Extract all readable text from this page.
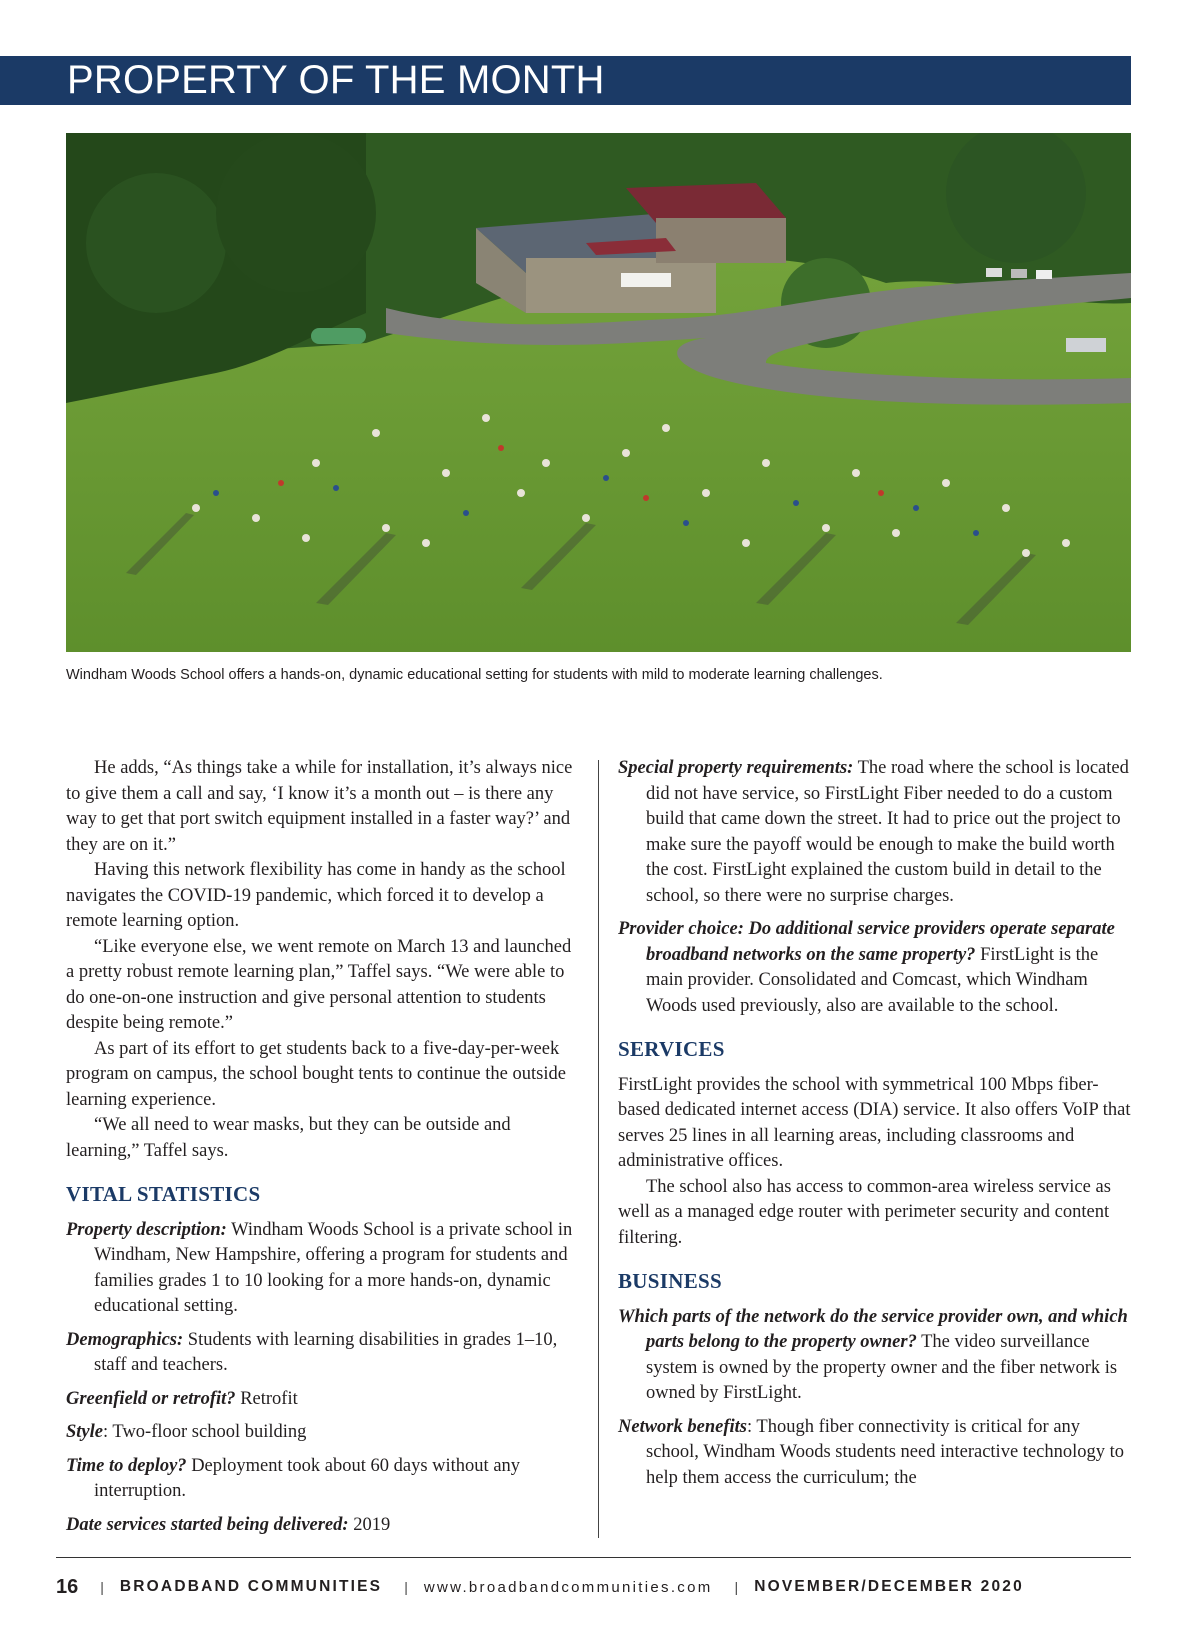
PROPERTY OF THE MONTH
Windham Woods School offers a hands-on, dynamic educational setting for students with mild to moderate learning challenges.

He adds, “As things take a while for installation, it’s always nice to give them a call and say, ‘I know it’s a month out – is there any way to get that port switch equipment installed in a faster way?’ and they are on it.”

Having this network flexibility has come in handy as the school navigates the COVID-19 pandemic, which forced it to develop a remote learning option.

“Like everyone else, we went remote on March 13 and launched a pretty robust remote learning plan,” Taffel says. “We were able to do one-on-one instruction and give personal attention to students despite being remote.”

As part of its effort to get students back to a five-day-per-week program on campus, the school bought tents to continue the outside learning experience.

“We all need to wear masks, but they can be outside and learning,” Taffel says.

VITAL STATISTICS

Property description: Windham Woods School is a private school in Windham, New Hampshire, offering a program for students and families grades 1 to 10 looking for a more hands-on, dynamic educational setting.

Demographics: Students with learning disabilities in grades 1–10, staff and teachers.

Greenfield or retrofit? Retrofit

Style: Two-floor school building

Time to deploy? Deployment took about 60 days without any interruption.

Date services started being delivered: 2019

Special property requirements: The road where the school is located did not have service, so FirstLight Fiber needed to do a custom build that came down the street. It had to price out the project to make sure the payoff would be enough to make the build worth the cost. FirstLight explained the custom build in detail to the school, so there were no surprise charges.

Provider choice: Do additional service providers operate separate broadband networks on the same property? FirstLight is the main provider. Consolidated and Comcast, which Windham Woods used previously, also are available to the school.

SERVICES

FirstLight provides the school with symmetrical 100 Mbps fiber-based dedicated internet access (DIA) service. It also offers VoIP that serves 25 lines in all learning areas, including classrooms and administrative offices.

The school also has access to common-area wireless service as well as a managed edge router with perimeter security and content filtering.

BUSINESS

Which parts of the network do the service provider own, and which parts belong to the property owner? The video surveillance system is owned by the property owner and the fiber network is owned by FirstLight.

Network benefits: Though fiber connectivity is critical for any school, Windham Woods students need interactive technology to help them access the curriculum; the

16 | BROADBAND COMMUNITIES | www.broadbandcommunities.com | NOVEMBER/DECEMBER 2020
